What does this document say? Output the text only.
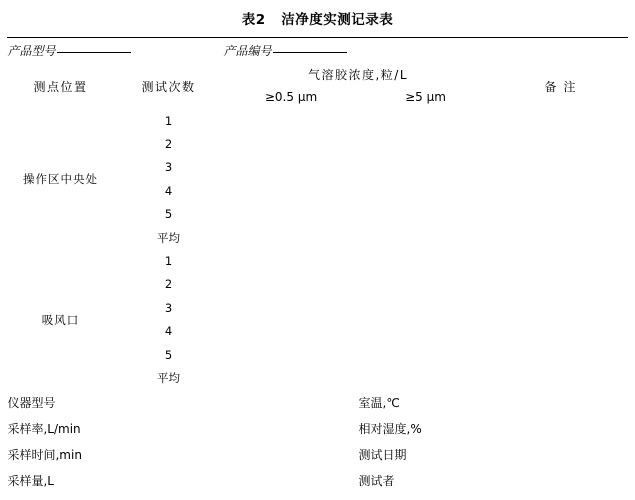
表2 洁净度实测记录表
产品型号		产品编号		
测点位置	测试次数	气溶胶浓度,粒/L		备注
		≥0.5 μm	≥5 μm	
操作区中央处	1			
	2			
	3			
	4			
	5			
	平均			
吸风口	1			
	2			
	3			
	4			
	5			
	平均			
仪器型号			室温,℃	
采样率,L/min			相对湿度,%	
采样时间,min			测试日期	
采样量,L			测试者	
